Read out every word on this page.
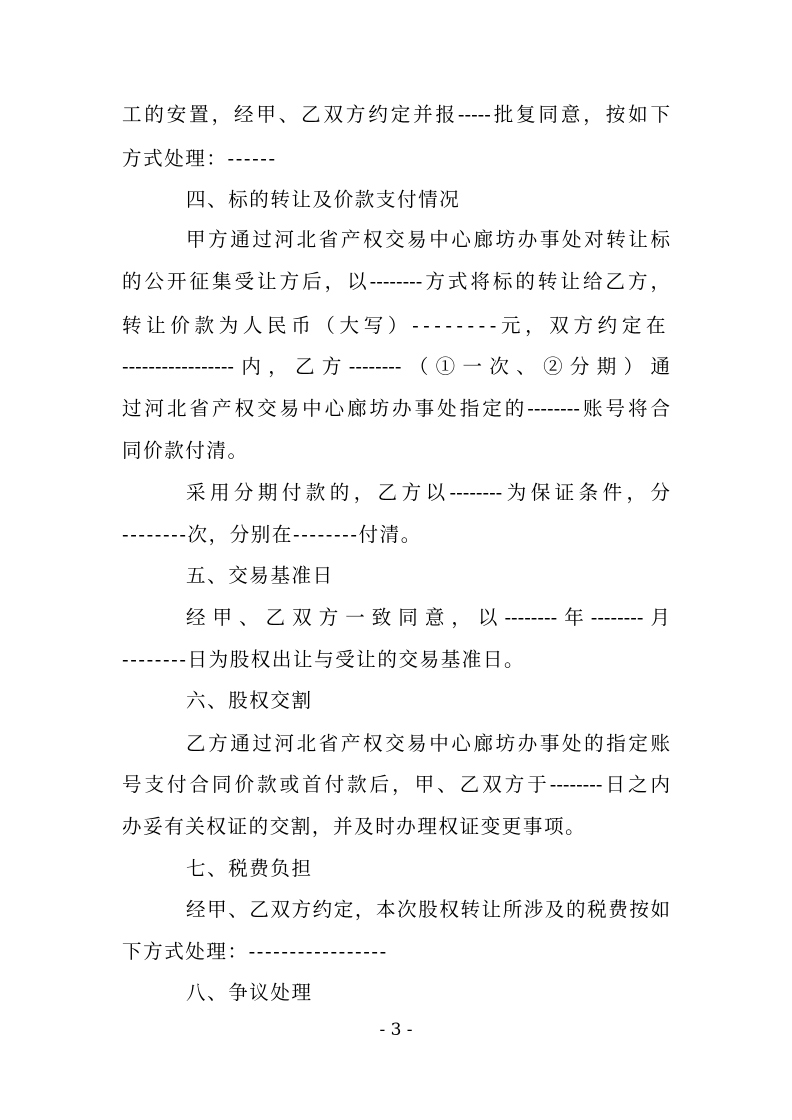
工的安置，经甲、乙双方约定并报-----批复同意，按如下
方式处理：------
四、标的转让及价款支付情况
甲方通过河北省产权交易中心廊坊办事处对转让标
的公开征集受让方后，以--------方式将标的转让给乙方，
转让价款为人民币（大写）--------元，双方约定在
-----------------内，乙方--------（①一次、②分期）通
过河北省产权交易中心廊坊办事处指定的--------账号将合
同价款付清。
采用分期付款的，乙方以--------为保证条件，分
--------次，分别在--------付清。
五、交易基准日
经甲、乙双方一致同意，以--------年--------月
--------日为股权出让与受让的交易基准日。
六、股权交割
乙方通过河北省产权交易中心廊坊办事处的指定账
号支付合同价款或首付款后，甲、乙双方于--------日之内
办妥有关权证的交割，并及时办理权证变更事项。
七、税费负担
经甲、乙双方约定，本次股权转让所涉及的税费按如
下方式处理：-----------------
八、争议处理
- 3 -
